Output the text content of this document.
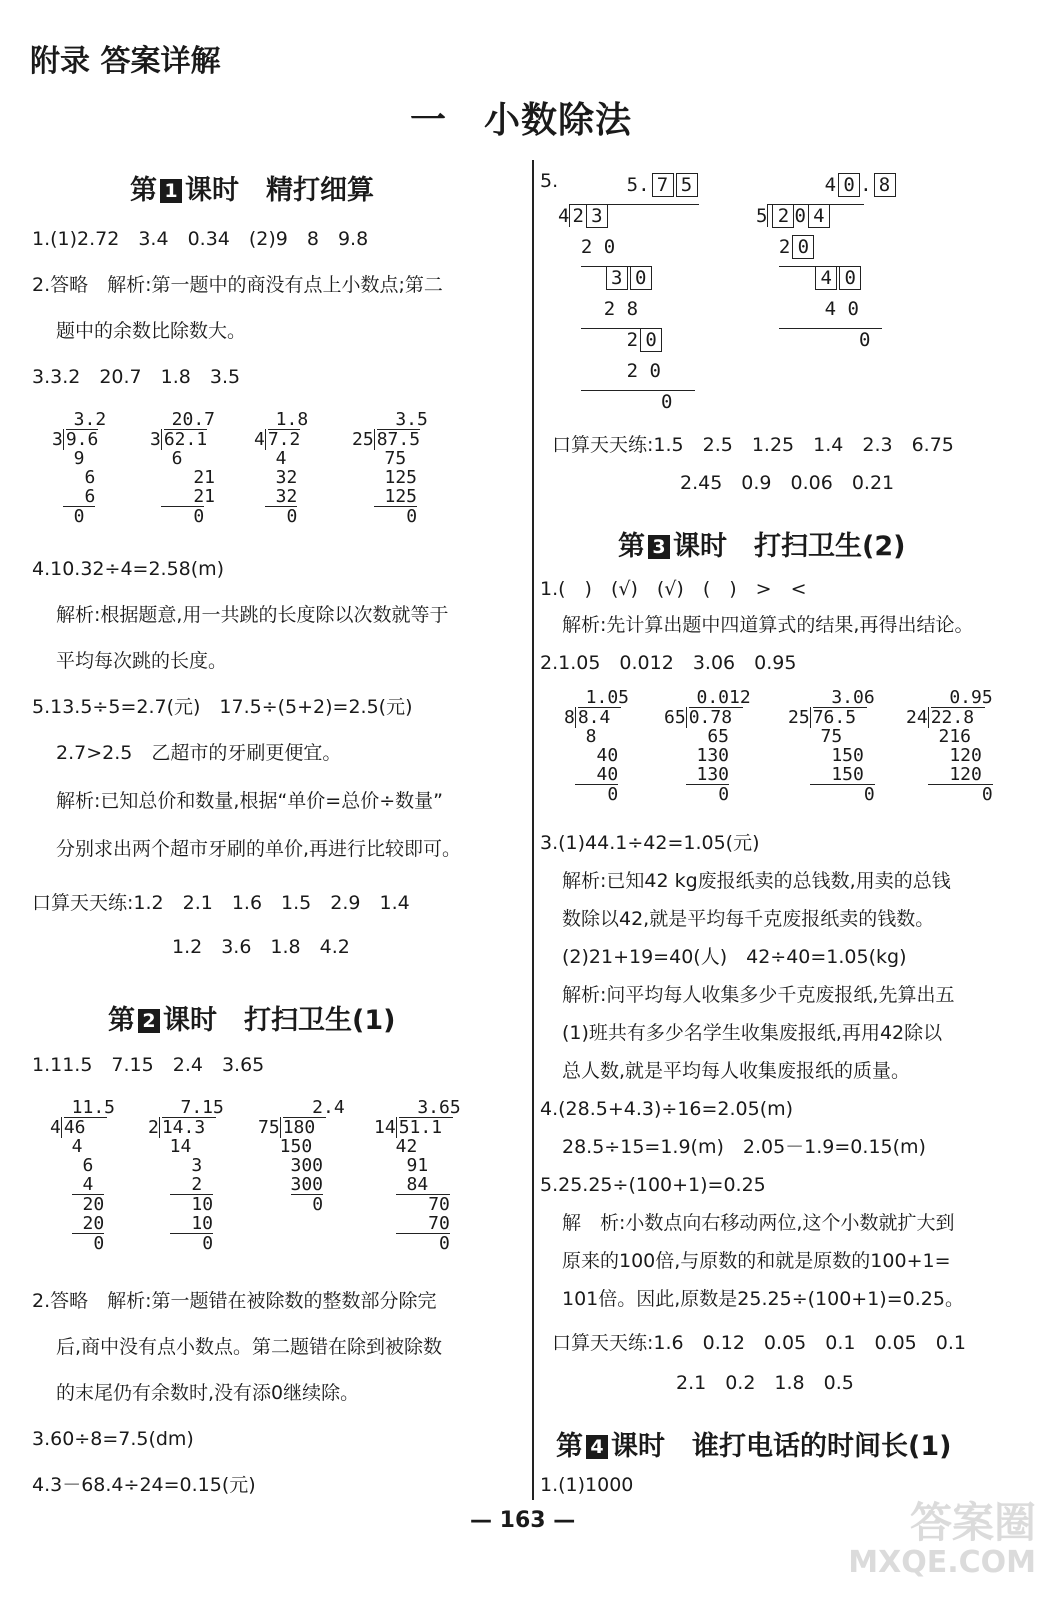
附录 答案详解
一　小数除法
第 1 课时　精打细算
1.(1)2.72　3.4　0.34　(2)9　8　9.8
2.答略　解析:第一题中的商没有点上小数点;第二
题中的余数比除数大。
3.3.2　20.7　1.8　3.5
3.2
3 9.6
9
6
6
0
20.7
3 62.1
6
21
21
0
1.8
4 7.2
4
32
32
0
3.5
25 87.5
75
125
125
0
4.10.32÷4=2.58(m)
解析:根据题意,用一共跳的长度除以次数就等于
平均每次跳的长度。
5.13.5÷5=2.7(元)　17.5÷(5+2)=2.5(元)
2.7>2.5　乙超市的牙刷更便宜。
解析:已知总价和数量,根据“单价=总价÷数量”
分别求出两个超市牙刷的单价,再进行比较即可。
口算天天练:1.2　2.1　1.6　1.5　2.9　1.4
1.2　3.6　1.8　4.2
第 2 课时　打扫卫生(1)
1.11.5　7.15　2.4　3.65
11.5
4 46
4
6
4
20
20
0
7.15
2 14.3
14
3
2
10
10
0
2.4
75 180
150
300
300
0
3.65
14 51.1
42
91
84
70
70
0
2.答略　解析:第一题错在被除数的整数部分除完
后,商中没有点小数点。第二题错在除到被除数
的末尾仍有余数时,没有添0继续除。
3.60÷8=7.5(dm)
4.3－68.4÷24=0.15(元)
5. 5. 7 5
4 2 3
2 0
3 0
2 8
2 0
2 0
0
4 0 . 8
5 2 0 4
2 0
4 0
4 0
0
口算天天练:1.5　2.5　1.25　1.4　2.3　6.75
2.45　0.9　0.06　0.21
第 3 课时　打扫卫生(2)
1.(　)　(√)　(√)　(　)　>　<
解析:先计算出题中四道算式的结果,再得出结论。
2.1.05　0.012　3.06　0.95
1.05
8 8.4
8
40
40
0
0.012
65 0.78
65
130
130
0
3.06
25 76.5
75
150
150
0
0.95
24 22.8
216
120
120
0
3.(1)44.1÷42=1.05(元)
解析:已知42 kg废报纸卖的总钱数,用卖的总钱
数除以42,就是平均每千克废报纸卖的钱数。
(2)21+19=40(人)　42÷40=1.05(kg)
解析:问平均每人收集多少千克废报纸,先算出五
(1)班共有多少名学生收集废报纸,再用42除以
总人数,就是平均每人收集废报纸的质量。
4.(28.5+4.3)÷16=2.05(m)
28.5÷15=1.9(m)　2.05－1.9=0.15(m)
5.25.25÷(100+1)=0.25
解　析:小数点向右移动两位,这个小数就扩大到
原来的100倍,与原数的和就是原数的100+1=
101倍。因此,原数是25.25÷(100+1)=0.25。
口算天天练:1.6　0.12　0.05　0.1　0.05　0.1
2.1　0.2　1.8　0.5
第 4 课时　谁打电话的时间长(1)
1.(1)1000
— 163 —	答案圈
MXQE.COM
